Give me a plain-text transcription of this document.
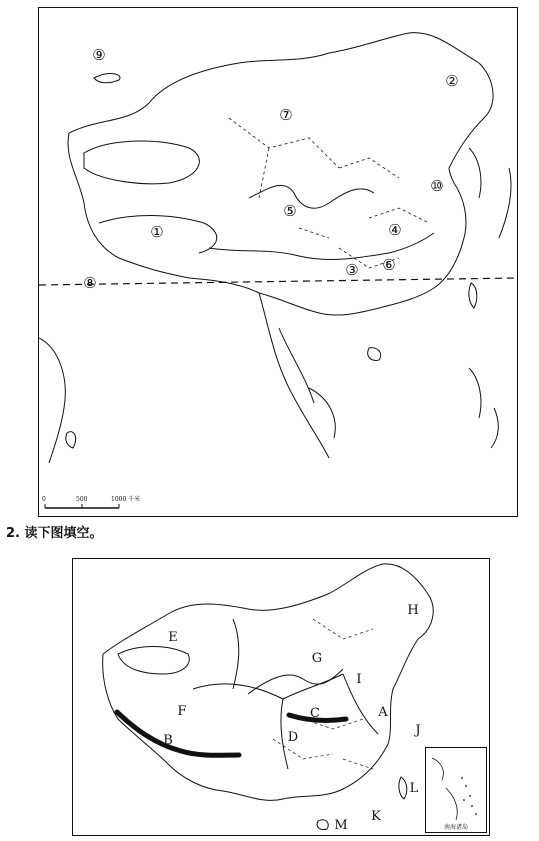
⑨
②
⑦
⑩
⑤
①	④
③ ⑥
⑧
0	500	1000 千米
2. 读下图填空。
H
E
G
I
C	A
J
F
B	D
L
K
M	南海诸岛
